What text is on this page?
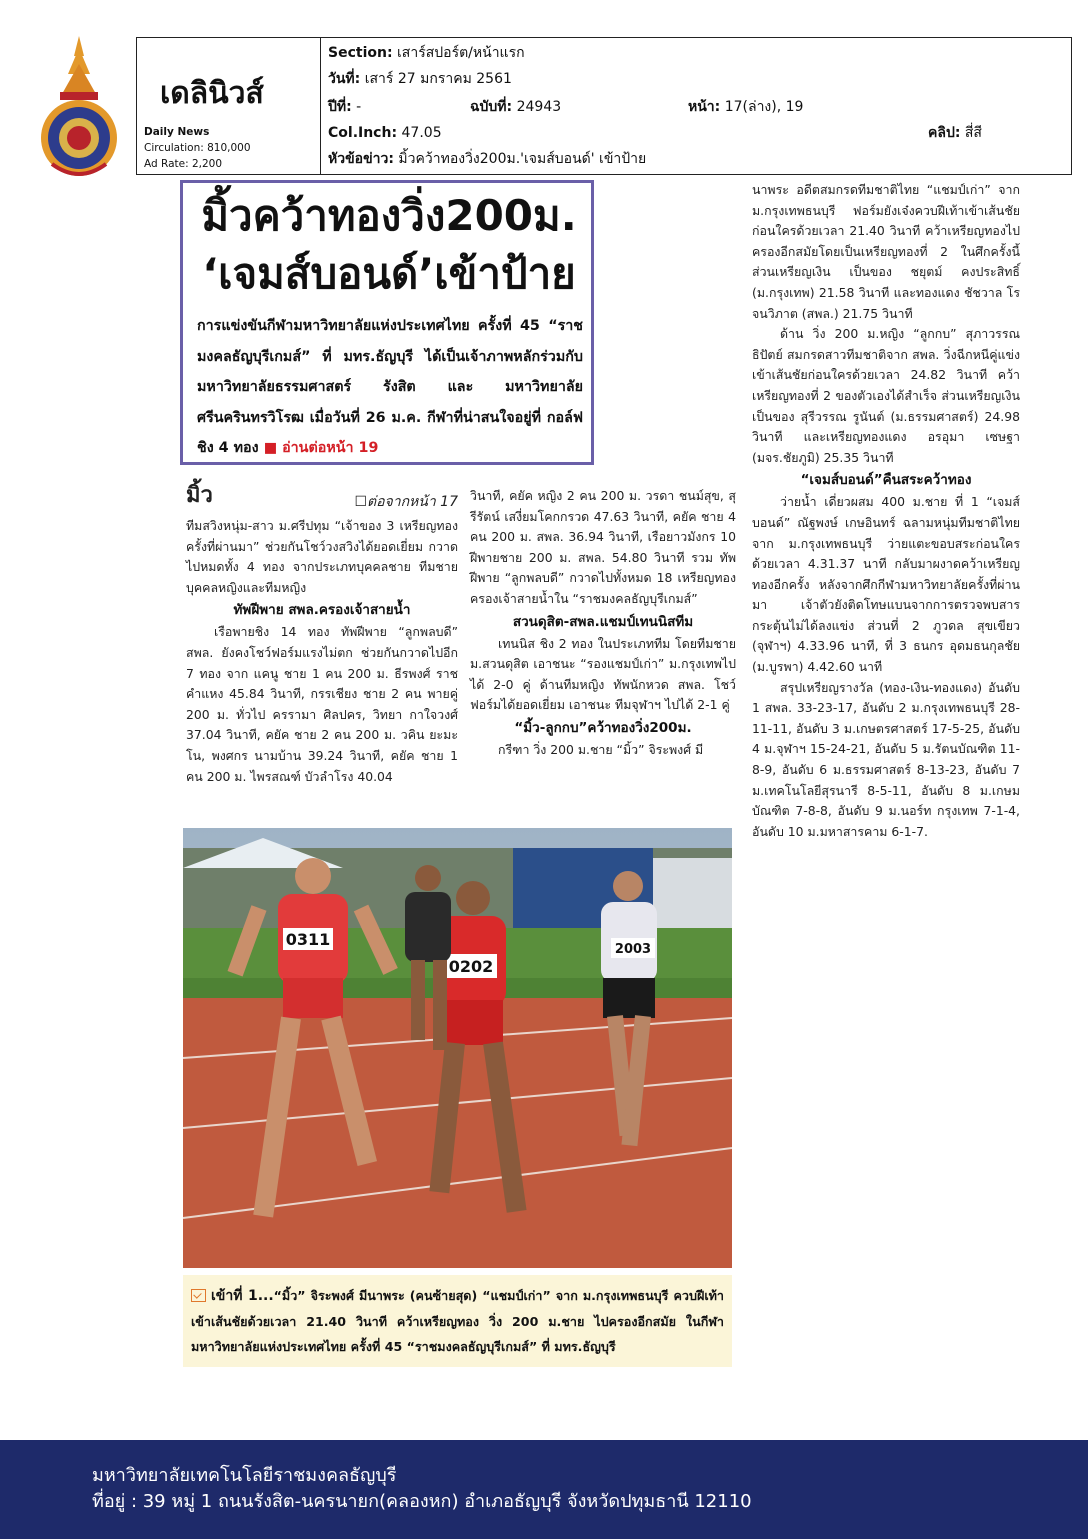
เดลินิวส์
Daily News
Circulation: 810,000
Ad Rate: 2,200
Section: เสาร์สปอร์ต/หน้าแรก
วันที่: เสาร์ 27 มกราคม 2561
ปีที่: -	ฉบับที่: 24943	หน้า: 17(ล่าง), 19
Col.Inch: 47.05	คลิป: สี่สี
หัวข้อข่าว: มิ้วคว้าทองวิ่ง200ม.'เจมส์บอนด์' เข้าป้าย
มิ้วคว้าทองวิ่ง200ม.
‘เจมส์บอนด์’เข้าป้าย
การแข่งขันกีฬามหาวิทยาลัยแห่งประเทศไทย ครั้งที่ 45 “ราชมงคลธัญบุรีเกมส์” ที่ มทร.ธัญบุรี ได้เป็นเจ้าภาพหลักร่วมกับมหาวิทยาลัยธรรมศาสตร์ รังสิต และ มหาวิทยาลัยศรีนครินทรวิโรฒ เมื่อวันที่ 26 ม.ค. กีฬาที่น่าสนใจอยู่ที่ กอล์ฟ ชิง 4 ทอง ■ อ่านต่อหน้า 19
มิ้ว	☐ต่อจากหน้า 17

ทีมสวิงหนุ่ม-สาว ม.ศรีปทุม “เจ้าของ 3 เหรียญทองครั้งที่ผ่านมา” ช่วยกันโชว์วงสวิงได้ยอดเยี่ยม กวาดไปหมดทั้ง 4 ทอง จากประเภทบุคคลชาย ทีมชาย บุคคลหญิงและทีมหญิง

ทัพฝีพาย สพล.ครองเจ้าสายน้ำ

เรือพายชิง 14 ทอง ทัพฝีพาย “ลูกพลบดี” สพล. ยังคงโชว์ฟอร์มแรงไม่ตก ช่วยกันกวาดไปอีก 7 ทอง จาก แคนู ชาย 1 คน 200 ม. ธีรพงศ์ ราชคำแหง 45.84 วินาที, กรรเชียง ชาย 2 คน พายคู่ 200 ม. ทั่วไป ครรามา ศิลปคร, วิทยา กาใจวงศ์ 37.04 วินาที, คยัค ชาย 2 คน 200 ม. วคิน ยะมะโน, พงศกร นามบ้าน 39.24 วินาที, คยัค ชาย 1 คน 200 ม. ไพรสณฑ์ บัวลำโรง 40.04

วินาที, คยัค หญิง 2 คน 200 ม. วรดา ชนม์สุข, สุรีรัตน์ เสงี่ยมโคกกรวด 47.63 วินาที, คยัค ชาย 4 คน 200 ม. สพล. 36.94 วินาที, เรือยาวมังกร 10 ฝีพายชาย 200 ม. สพล. 54.80 วินาที รวม ทัพฝีพาย “ลูกพลบดี” กวาดไปทั้งหมด 18 เหรียญทอง ครองเจ้าสายน้ำใน “ราชมงคลธัญบุรีเกมส์”

สวนดุสิต-สพล.แชมป์เทนนิสทีม

เทนนิส ชิง 2 ทอง ในประเภททีม โดยทีมชาย ม.สวนดุสิต เอาชนะ “รองแชมป์เก่า” ม.กรุงเทพไปได้ 2-0 คู่ ด้านทีมหญิง ทัพนักหวด สพล. โชว์ฟอร์มได้ยอดเยี่ยม เอาชนะ ทีมจุฬาฯ ไปได้ 2-1 คู่

“มิ้ว-ลูกกบ”คว้าทองวิ่ง200ม.

กรีฑา วิ่ง 200 ม.ชาย “มิ้ว” จิระพงศ์ มี

นาพระ อดีตสมกรดทีมชาติไทย “แชมป์เก่า” จาก ม.กรุงเทพธนบุรี ฟอร์มยังเจ๋งควบฝีเท้าเข้าเส้นชัยก่อนใครด้วยเวลา 21.40 วินาที คว้าเหรียญทองไปครองอีกสมัยโดยเป็นเหรียญทองที่ 2 ในศึกครั้งนี้ ส่วนเหรียญเงิน เป็นของ ชยุตม์ คงประสิทธิ์ (ม.กรุงเทพ) 21.58 วินาที และทองแดง ชัชวาล โรจนวิภาต (สพล.) 21.75 วินาที

ด้าน วิ่ง 200 ม.หญิง “ลูกกบ” สุภาวรรณ ธิปัตย์ สมกรดสาวทีมชาติจาก สพล. วิ่งฉีกหนีคู่แข่งเข้าเส้นชัยก่อนใครด้วยเวลา 24.82 วินาที คว้าเหรียญทองที่ 2 ของตัวเองได้สำเร็จ ส่วนเหรียญเงินเป็นของ สุรีวรรณ รูนันต์ (ม.ธรรมศาสตร์) 24.98 วินาที และเหรียญทองแดง อรอุมา เซษฐา (มจร.ชัยภูมิ) 25.35 วินาที

“เจมส์บอนด์”คืนสระคว้าทอง

ว่ายน้ำ เดี่ยวผสม 400 ม.ชาย ที่ 1 “เจมส์บอนด์” ณัฐพงษ์ เกษอินทร์ ฉลามหนุ่มทีมชาติไทย จาก ม.กรุงเทพธนบุรี ว่ายแตะขอบสระก่อนใครด้วยเวลา 4.31.37 นาที กลับมาผงาดคว้าเหรียญทองอีกครั้ง หลังจากศึกกีฬามหาวิทยาลัยครั้งที่ผ่านมา เจ้าตัวยังติดโทษแบนจากการตรวจพบสารกระตุ้นไม่ได้ลงแข่ง ส่วนที่ 2 ภูวดล สุขเขียว (จุฬาฯ) 4.33.96 นาที, ที่ 3 ธนกร อุดมธนกุลชัย (ม.บูรพา) 4.42.60 นาที

สรุปเหรียญรางวัล (ทอง-เงิน-ทองแดง) อันดับ 1 สพล. 33-23-17, อันดับ 2 ม.กรุงเทพธนบุรี 28-11-11, อันดับ 3 ม.เกษตรศาสตร์ 17-5-25, อันดับ 4 ม.จุฬาฯ 15-24-21, อันดับ 5 ม.รัตนบัณฑิต 11-8-9, อันดับ 6 ม.ธรรมศาสตร์ 8-13-23, อันดับ 7 ม.เทคโนโลยีสุรนารี 8-5-11, อันดับ 8 ม.เกษมบัณฑิต 7-8-8, อันดับ 9 ม.นอร์ท กรุงเทพ 7-1-4, อันดับ 10 ม.มหาสารคาม 6-1-7.

0311
0202
2003
เข้าที่ 1...“มิ้ว” จิระพงศ์ มีนาพระ (คนซ้ายสุด) “แชมป์เก่า” จาก ม.กรุงเทพธนบุรี ควบฝีเท้าเข้าเส้นชัยด้วยเวลา 21.40 วินาที คว้าเหรียญทอง วิ่ง 200 ม.ชาย ไปครองอีกสมัย ในกีฬามหาวิทยาลัยแห่งประเทศไทย ครั้งที่ 45 “ราชมงคลธัญบุรีเกมส์” ที่ มทร.ธัญบุรี
มหาวิทยาลัยเทคโนโลยีราชมงคลธัญบุรี
ที่อยู่ : 39 หมู่ 1 ถนนรังสิต-นครนายก(คลองหก) อำเภอธัญบุรี จังหวัดปทุมธานี 12110
